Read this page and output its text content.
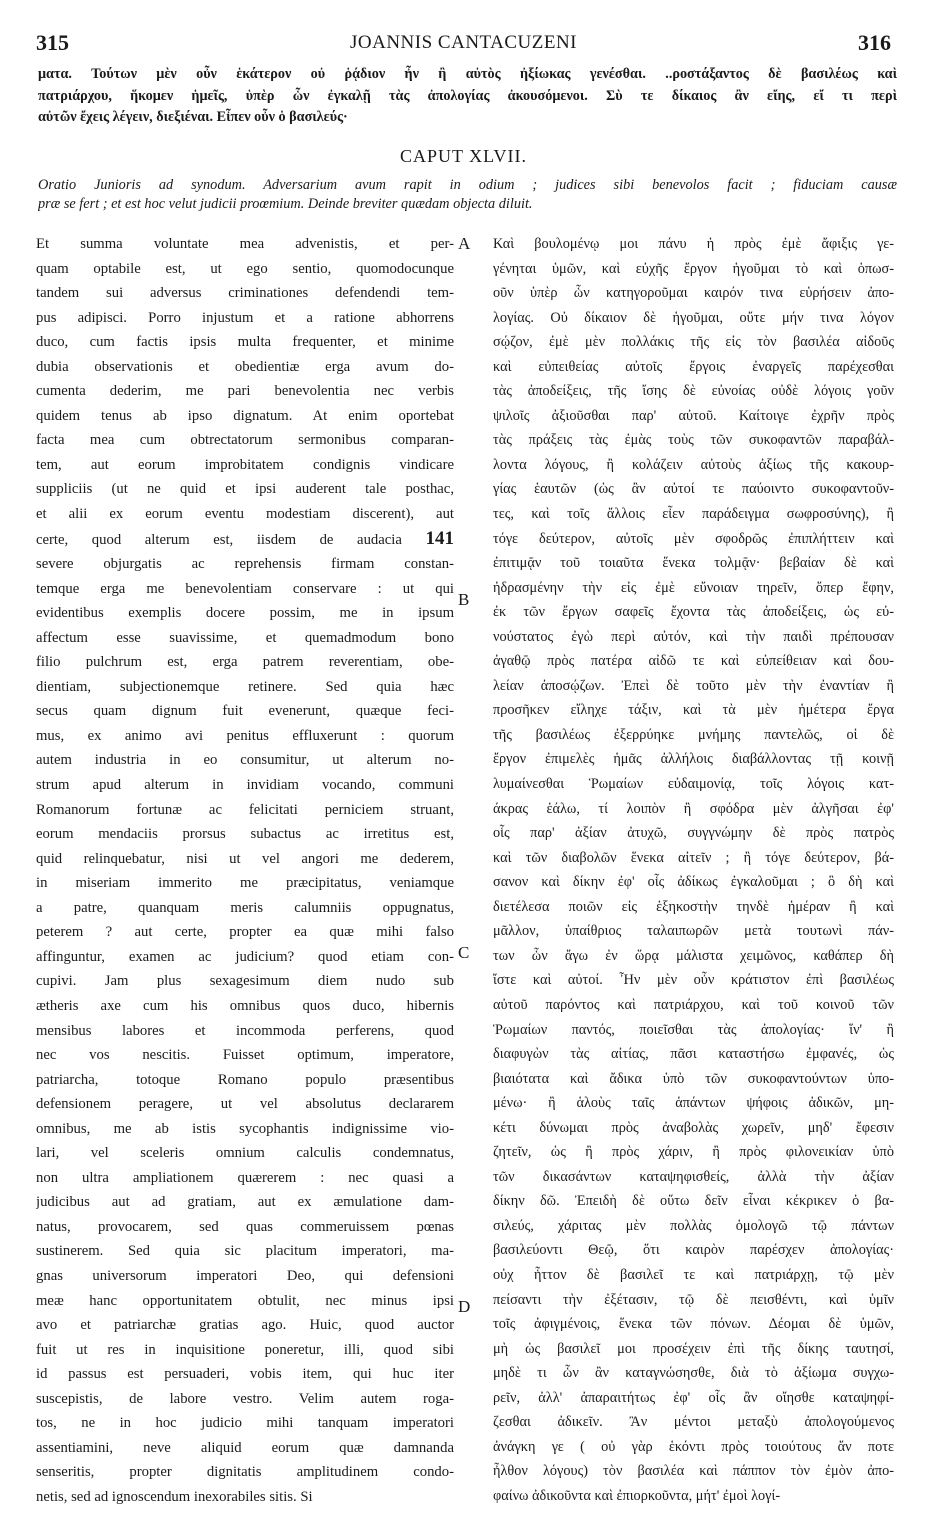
315	JOANNIS CANTACUZENI	316
ματα. Τούτων μὲν οὖν ἑκάτερον οὐ ῥᾴδιον ἦν ἢ αὐτὸς ἠξίωκας γενέσθαι. ..ροστάξαντος δὲ βασιλέως καὶ
πατριάρχου, ἥκομεν ἡμεῖς, ὑπὲρ ὧν ἐγκαλῇ τὰς ἀπολογίας ἀκουσόμενοι. Σὺ τε δίκαιος ἂν εἴης, εἴ τι περὶ
αὐτῶν ἔχεις λέγειν, διεξιέναι. Εἶπεν οὖν ὁ βασιλεύς·
CAPUT XLVII.
Oratio Junioris ad synodum. Adversarium avum rapit in odium ; judices sibi benevolos facit ; fiduciam causæ
præ se fert ; et est hoc velut judicii proœmium. Deinde breviter quædam objecta diluit.
Et summa voluntate mea advenistis, et per-
quam optabile est, ut ego sentio, quomodocunque
tandem sui adversus criminationes defendendi tem-
pus adipisci. Porro injustum et a ratione abhorrens
duco, cum factis ipsis multa frequenter, et minime
dubia observationis et obedientiæ erga avum do-
cumenta dederim, me pari benevolentia nec verbis
quidem tenus ab ipso dignatum. At enim oportebat
facta mea cum obtrectatorum sermonibus comparan-
tem, aut eorum improbitatem condignis vindicare
suppliciis (ut ne quid et ipsi auderent tale posthac,
et alii ex eorum eventu modestiam discerent), aut
certe, quod alterum est, iisdem de audacia 141
severe objurgatis ac reprehensis firmam constan-
temque erga me benevolentiam conservare : ut qui
evidentibus exemplis docere possim, me in ipsum
affectum esse suavissime, et quemadmodum bono
filio pulchrum est, erga patrem reverentiam, obe-
dientiam, subjectionemque retinere. Sed quia hæc
secus quam dignum fuit evenerunt, quæque feci-
mus, ex animo avi penitus effluxerunt : quorum
autem industria in eo consumitur, ut alterum no-
strum apud alterum in invidiam vocando, communi
Romanorum fortunæ ac felicitati perniciem struant,
eorum mendaciis prorsus subactus ac irretitus est,
quid relinquebatur, nisi ut vel angori me dederem,
in miseriam immerito me præcipitatus, veniamque
a patre, quanquam meris calumniis oppugnatus,
peterem ? aut certe, propter ea quæ mihi falso
affinguntur, examen ac judicium? quod etiam con-
cupivi. Jam plus sexagesimum diem nudo sub
ætheris axe cum his omnibus quos duco, hibernis
mensibus labores et incommoda perferens, quod
nec vos nescitis. Fuisset optimum, imperatore,
patriarcha, totoque Romano populo præsentibus
defensionem peragere, ut vel absolutus declararem
omnibus, me ab istis sycophantis indignissime vio-
lari, vel sceleris omnium calculis condemnatus,
non ultra ampliationem quærerem : nec quasi a
judicibus aut ad gratiam, aut ex æmulatione dam-
natus, provocarem, sed quas commeruissem pœnas
sustinerem. Sed quia sic placitum imperatori, ma-
gnas universorum imperatori Deo, qui defensioni
meæ hanc opportunitatem obtulit, nec minus ipsi
avo et patriarchæ gratias ago. Huic, quod auctor
fuit ut res in inquisitione poneretur, illi, quod sibi
id passus est persuaderi, vobis item, qui huc iter
suscepistis, de labore vestro. Velim autem roga-
tos, ne in hoc judicio mihi tanquam imperatori
assentiamini, neve aliquid eorum quæ damnanda
senseritis, propter dignitatis amplitudinem condo-
netis, sed ad ignoscendum inexorabiles sitis. Si
Καὶ βουλομένῳ μοι πάνυ ἡ πρὸς ἐμὲ ἄφιξις γε-
γένηται ὑμῶν, καὶ εὐχῆς ἔργον ἡγοῦμαι τὸ καὶ ὁπωσ-
οῦν ὑπὲρ ὧν κατηγοροῦμαι καιρόν τινα εὑρήσειν ἀπο-
λογίας. Οὐ δίκαιον δὲ ἡγοῦμαι, οὔτε μήν τινα λόγον
σῴζον, ἐμὲ μὲν πολλάκις τῆς εἰς τὸν βασιλέα αἰδοῦς
καὶ εὐπειθείας αὐτοῖς ἔργοις ἐναργεῖς παρέχεσθαι
τὰς ἀποδείξεις, τῆς ἴσης δὲ εὐνοίας οὐδὲ λόγοις γοῦν
ψιλοῖς ἀξιοῦσθαι παρ' αὐτοῦ. Καίτοιγε ἐχρῆν πρὸς
τὰς πράξεις τὰς ἐμὰς τοὺς τῶν συκοφαντῶν παραβάλ-
λοντα λόγους, ἢ κολάζειν αὐτοὺς ἀξίως τῆς κακουρ-
γίας ἑαυτῶν (ὡς ἂν αὐτοί τε παύοιντο συκοφαντοῦν-
τες, καὶ τοῖς ἄλλοις εἶεν παράδειγμα σωφροσύνης), ἢ
τόγε δεύτερον, αὐτοῖς μὲν σφοδρῶς ἐπιπλήττειν καὶ
ἐπιτιμᾷν τοῦ τοιαῦτα ἕνεκα τολμᾷν· βεβαίαν δὲ καὶ
ἠδρασμένην τὴν εἰς ἐμὲ εὔνοιαν τηρεῖν, ὅπερ ἔφην,
ἐκ τῶν ἔργων σαφεῖς ἔχοντα τὰς ἀποδείξεις, ὡς εὐ-
νούστατος ἐγὼ περὶ αὐτόν, καὶ τὴν παιδὶ πρέπουσαν
ἀγαθῷ πρὸς πατέρα αἰδῶ τε καὶ εὐπείθειαν καὶ δου-
λείαν ἀποσῴζων. Ἐπεὶ δὲ τοῦτο μὲν τὴν ἐναντίαν ἢ
προσῆκεν εἴληχε τάξιν, καὶ τὰ μὲν ἡμέτερα ἔργα
τῆς βασιλέως ἐξερρύηκε μνήμης παντελῶς, οἱ δὲ
ἔργον ἐπιμελὲς ἡμᾶς ἀλλήλοις διαβάλλοντας τῇ κοινῇ
λυμαίνεσθαι Ῥωμαίων εὐδαιμονίᾳ, τοῖς λόγοις κατ-
άκρας ἑάλω, τί λοιπὸν ἢ σφόδρα μὲν ἀλγῆσαι ἐφ'
οἷς παρ' ἀξίαν ἀτυχῶ, συγγνώμην δὲ πρὸς πατρὸς
καὶ τῶν διαβολῶν ἕνεκα αἰτεῖν ; ἢ τόγε δεύτερον, βά-
σανον καὶ δίκην ἐφ' οἷς ἀδίκως ἐγκαλοῦμαι ; ὃ δὴ καὶ
διετέλεσα ποιῶν εἰς ἑξηκοστὴν τηνδὲ ἡμέραν ἢ καὶ
μᾶλλον, ὑπαίθριος ταλαιπωρῶν μετὰ τουτωνὶ πάν-
των ὧν ἄγω ἐν ὥρᾳ μάλιστα χειμῶνος, καθάπερ δὴ
ἴστε καὶ αὐτοί. Ἦν μὲν οὖν κράτιστον ἐπὶ βασιλέως
αὐτοῦ παρόντος καὶ πατριάρχου, καὶ τοῦ κοινοῦ τῶν
Ῥωμαίων παντός, ποιεῖσθαι τὰς ἀπολογίας· ἵν' ἢ
διαφυγὼν τὰς αἰτίας, πᾶσι καταστήσω ἐμφανές, ὡς
βιαιότατα καὶ ἄδικα ὑπὸ τῶν συκοφαντούντων ὑπο-
μένω· ἢ ἁλοὺς ταῖς ἁπάντων ψήφοις ἀδικῶν, μη-
κέτι δύνωμαι πρὸς ἀναβολὰς χωρεῖν, μηδ' ἔφεσιν
ζητεῖν, ὡς ἢ πρὸς χάριν, ἢ πρὸς φιλονεικίαν ὑπὸ
τῶν δικασάντων καταψηφισθείς, ἀλλὰ τὴν ἀξίαν
δίκην δῶ. Ἐπειδὴ δὲ οὕτω δεῖν εἶναι κέκρικεν ὁ βα-
σιλεύς, χάριτας μὲν πολλὰς ὁμολογῶ τῷ πάντων
βασιλεύοντι Θεῷ, ὅτι καιρὸν παρέσχεν ἀπολογίας·
οὐχ ἧττον δὲ βασιλεῖ τε καὶ πατριάρχῃ, τῷ μὲν
πείσαντι τὴν ἐξέτασιν, τῷ δὲ πεισθέντι, καὶ ὑμῖν
τοῖς ἀφιγμένοις, ἕνεκα τῶν πόνων. Δέομαι δὲ ὑμῶν,
μὴ ὡς βασιλεῖ μοι προσέχειν ἐπὶ τῆς δίκης ταυτησί,
μηδὲ τι ὧν ἂν καταγνώσησθε, διὰ τὸ ἀξίωμα συγχω-
ρεῖν, ἀλλ' ἀπαραιτήτως ἐφ' οἷς ἂν οἴησθε καταψηφί-
ζεσθαι ἀδικεῖν. Ἂν μέντοι μεταξὺ ἀπολογούμενος
ἀνάγκη γε ( οὐ γὰρ ἑκόντι πρὸς τοιούτους ἄν ποτε
ἦλθον λόγους) τὸν βασιλέα καὶ πάππον τὸν ἐμὸν ἀπο-
φαίνω ἀδικοῦντα καὶ ἐπιορκοῦντα, μήτ' ἐμοὶ λογί-
A
B
C
D
